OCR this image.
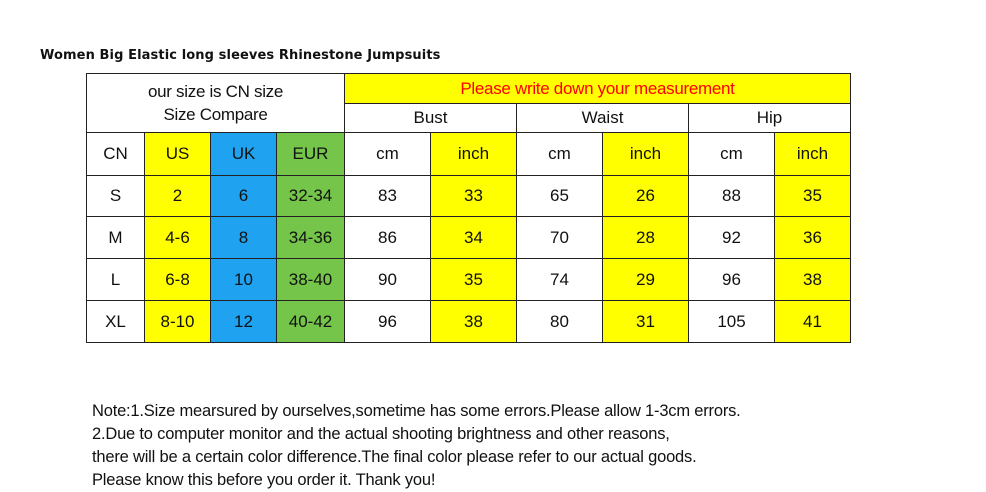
Women Big Elastic long sleeves Rhinestone Jumpsuits
our size is CN size
Size Compare				Please write down your measurement					
				Bust		Waist		Hip	
CN	US	UK	EUR	cm	inch	cm	inch	cm	inch
S	2	6	32-34	83	33	65	26	88	35
M	4-6	8	34-36	86	34	70	28	92	36
L	6-8	10	38-40	90	35	74	29	96	38
XL	8-10	12	40-42	96	38	80	31	105	41
Note:1.Size mearsured by ourselves,sometime has some errors.Please allow 1-3cm errors.
2.Due to computer monitor and the actual shooting brightness and other reasons,
there will be a certain color difference.The final color please refer to our actual goods.
Please know this before you order it. Thank you!
